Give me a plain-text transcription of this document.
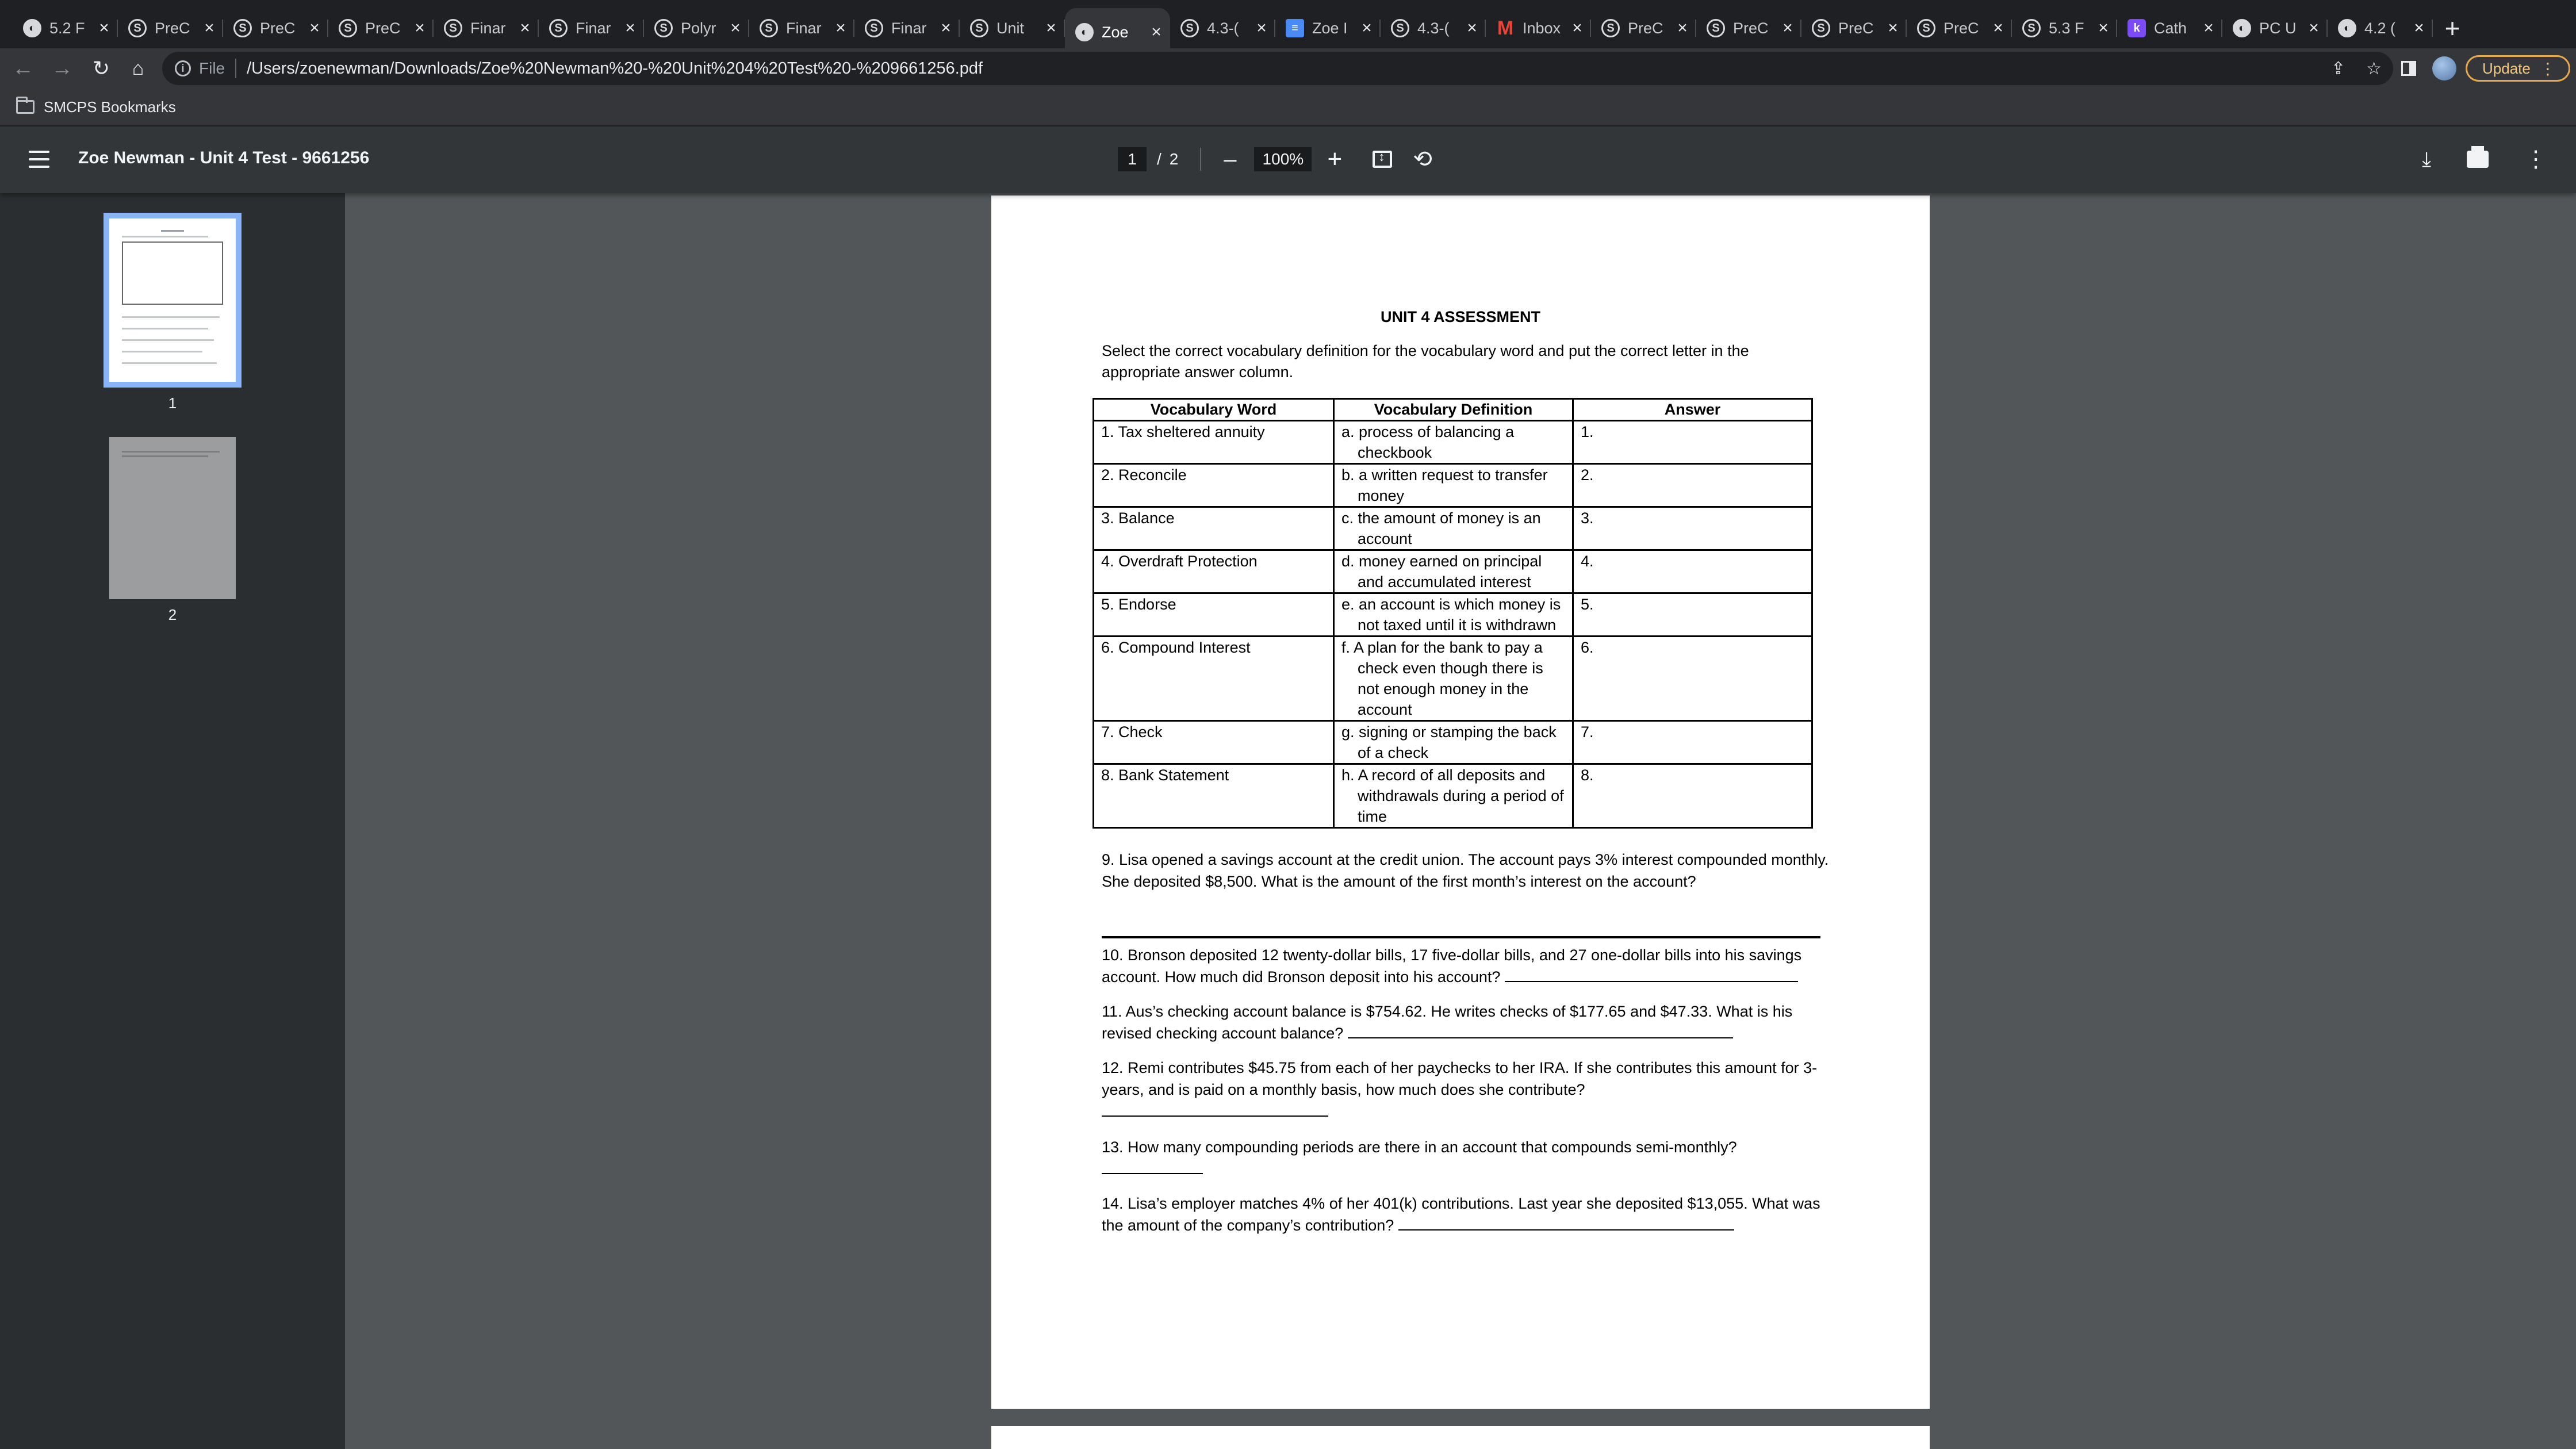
◐ 5.2 F ×	S PreC ×	S PreC ×	S PreC ×	S Finar ×	S Finar ×	S Polyr ×	S Finar ×	S Finar ×	S Unit	×	◐ Zoe	×	S 4.3-(	×	≡ Zoe I ×	S 4.3-(	× M Inbox ×	S PreC ×	S PreC ×	S PreC ×	S PreC ×	S 5.3 F ×	k Cath ×	◐ PC U ×	◐ 4.2 (	× +
← → ↻	⌂	i File /Users/zoenewman/Downloads/Zoe%20Newman%20-%20Unit%204%20Test%20-%209661256.pdf	⇪ ☆	Update ⋮
SMCPS Bookmarks
Zoe Newman - Unit 4 Test - 9661256	1	/ 2 –	100% + ↕	⟲	⤓	⋮
1
2
UNIT 4 ASSESSMENT
Select the correct vocabulary definition for the vocabulary word and put the correct letter in the appropriate answer column.
Vocabulary Word	Vocabulary Definition	Answer
1. Tax sheltered annuity	a. process of balancing a checkbook	1.
2. Reconcile	b. a written request to transfer money	2.
3. Balance	c. the amount of money is an account	3.
4. Overdraft Protection	d. money earned on principal and accumulated interest	4.
5. Endorse	e. an account is which money is not taxed until it is withdrawn	5.
6. Compound Interest	f. A plan for the bank to pay a check even though there is not enough money in the account	6.
7. Check	g. signing or stamping the back of a check	7.
8. Bank Statement	h. A record of all deposits and withdrawals during a period of time	8.
9. Lisa opened a savings account at the credit union. The account pays 3% interest compounded monthly. She deposited $8,500. What is the amount of the first month’s interest on the account?
10. Bronson deposited 12 twenty-dollar bills, 17 five-dollar bills, and 27 one-dollar bills into his savings account. How much did Bronson deposit into his account?
11. Aus’s checking account balance is $754.62. He writes checks of $177.65 and $47.33. What is his revised checking account balance?
12. Remi contributes $45.75 from each of her paychecks to her IRA. If she contributes this amount for 3-years, and is paid on a monthly basis, how much does she contribute?

13. How many compounding periods are there in an account that compounds semi-monthly?

14. Lisa’s employer matches 4% of her 401(k) contributions. Last year she deposited $13,055. What was the amount of the company’s contribution?
